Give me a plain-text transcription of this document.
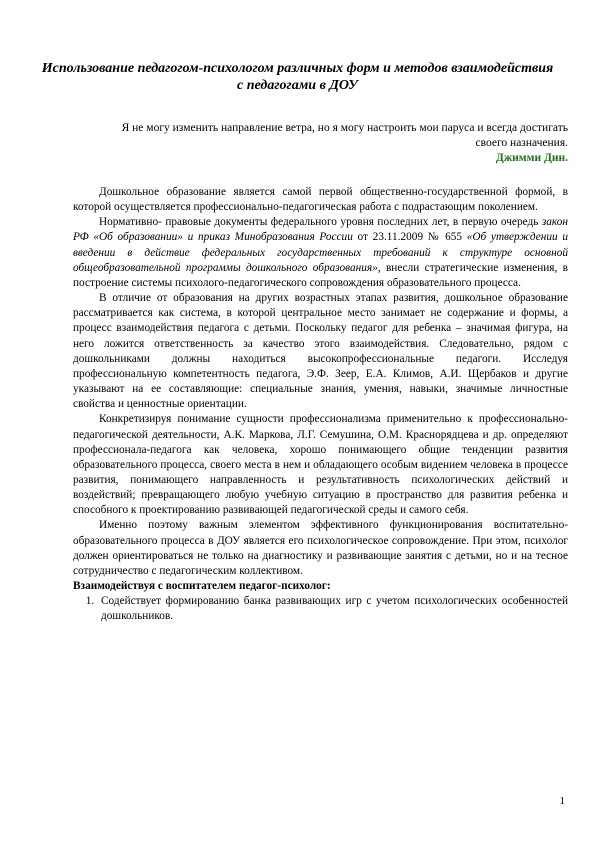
Использование педагогом-психологом различных форм и методов взаимодействия с педагогами в ДОУ
Я не могу изменить направление ветра, но я могу настроить мои паруса и всегда достигать своего назначения.
Джимми Дин.

Дошкольное образование является самой первой общественно-государственной формой, в которой осуществляется профессионально-педагогическая работа с подрастающим поколением.

Нормативно- правовые документы федерального уровня последних лет, в первую очередь закон РФ «Об образовании» и приказ Минобразования России от 23.11.2009 № 655 «Об утверждении и введении в действие федеральных государственных требований к структуре основной общеобразовательной программы дошкольного образования», внесли стратегические изменения, в построение системы психолого-педагогического сопровождения образовательного процесса.

В отличие от образования на других возрастных этапах развития, дошкольное образование рассматривается как система, в которой центральное место занимает не содержание и формы, а процесс взаимодействия педагога с детьми. Поскольку педагог для ребенка – значимая фигура, на него ложится ответственность за качество этого взаимодействия. Следовательно, рядом с дошкольниками должны находиться высокопрофессиональные педагоги. Исследуя профессиональную компетентность педагога, Э.Ф. Зеер, Е.А. Климов, А.И. Щербаков и другие указывают на ее составляющие: специальные знания, умения, навыки, значимые личностные свойства и ценностные ориентации.

Конкретизируя понимание сущности профессионализма применительно к профессионально-педагогической деятельности, А.К. Маркова, Л.Г. Семушина, О.М. Краснорядцева и др. определяют профессионала-педагога как человека, хорошо понимающего общие тенденции развития образовательного процесса, своего места в нем и обладающего особым видением человека в процессе развития, понимающего направленность и результативность психологических действий и воздействий; превращающего любую учебную ситуацию в пространство для развития ребенка и способного к проектированию развивающей педагогической среды и самого себя.

Именно поэтому важным элементом эффективного функционирования воспитательно-образовательного процесса в ДОУ является его психологическое сопровождение. При этом, психолог должен ориентироваться не только на диагностику и развивающие занятия с детьми, но и на тесное сотрудничество с педагогическим коллективом.

Взаимодействуя с воспитателем педагог-психолог:

1. Содействует формированию банка развивающих игр с учетом психологических особенностей дошкольников.
1
